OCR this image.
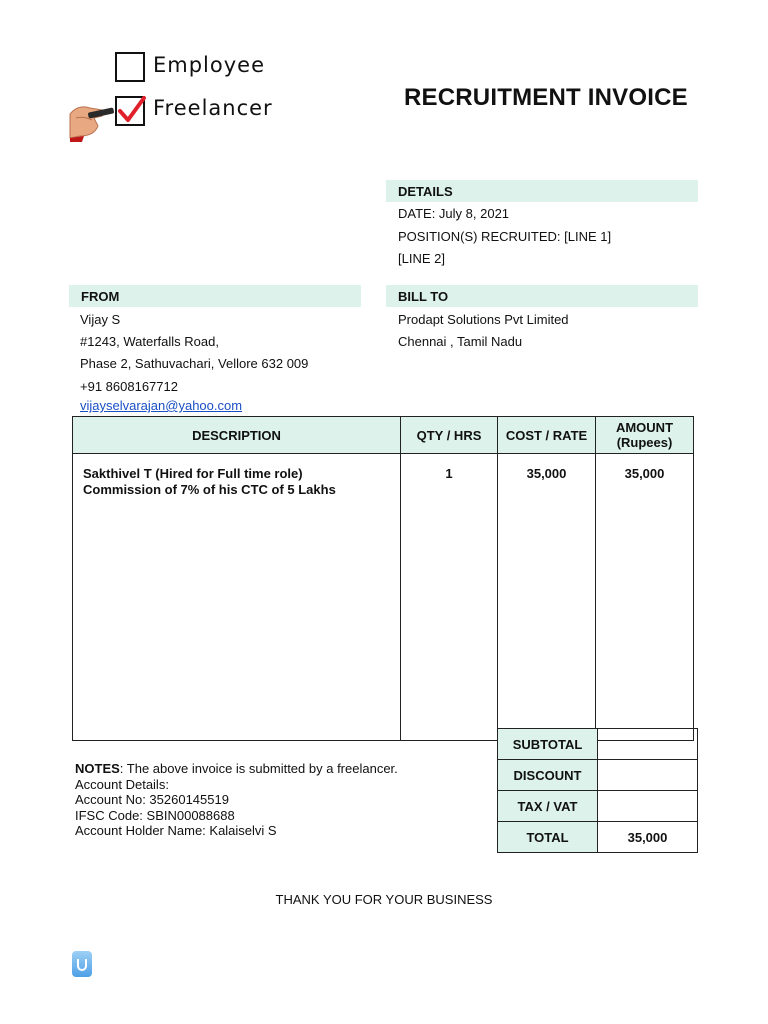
Employee
Freelancer	RECRUITMENT INVOICE
DETAILS
DATE: July 8, 2021
POSITION(S) RECRUITED: [LINE 1]
[LINE 2]
FROM
Vijay S
#1243, Waterfalls Road,
Phase 2, Sathuvachari, Vellore 632 009
+91 8608167712
vijayselvarajan@yahoo.com
BILL TO
Prodapt Solutions Pvt Limited
Chennai , Tamil Nadu
DESCRIPTION	QTY / HRS	COST / RATE	AMOUNT
(Rupees)

Sakthivel T (Hired for Full time role)
Commission of 7% of his CTC of 5 Lakhs	1	35,000	35,000
SUBTOTAL	
DISCOUNT	
TAX / VAT	
TOTAL	35,000
NOTES: The above invoice is submitted by a freelancer.
Account Details:
Account No: 35260145519
IFSC Code: SBIN00088688
Account Holder Name: Kalaiselvi S
THANK YOU FOR YOUR BUSINESS
